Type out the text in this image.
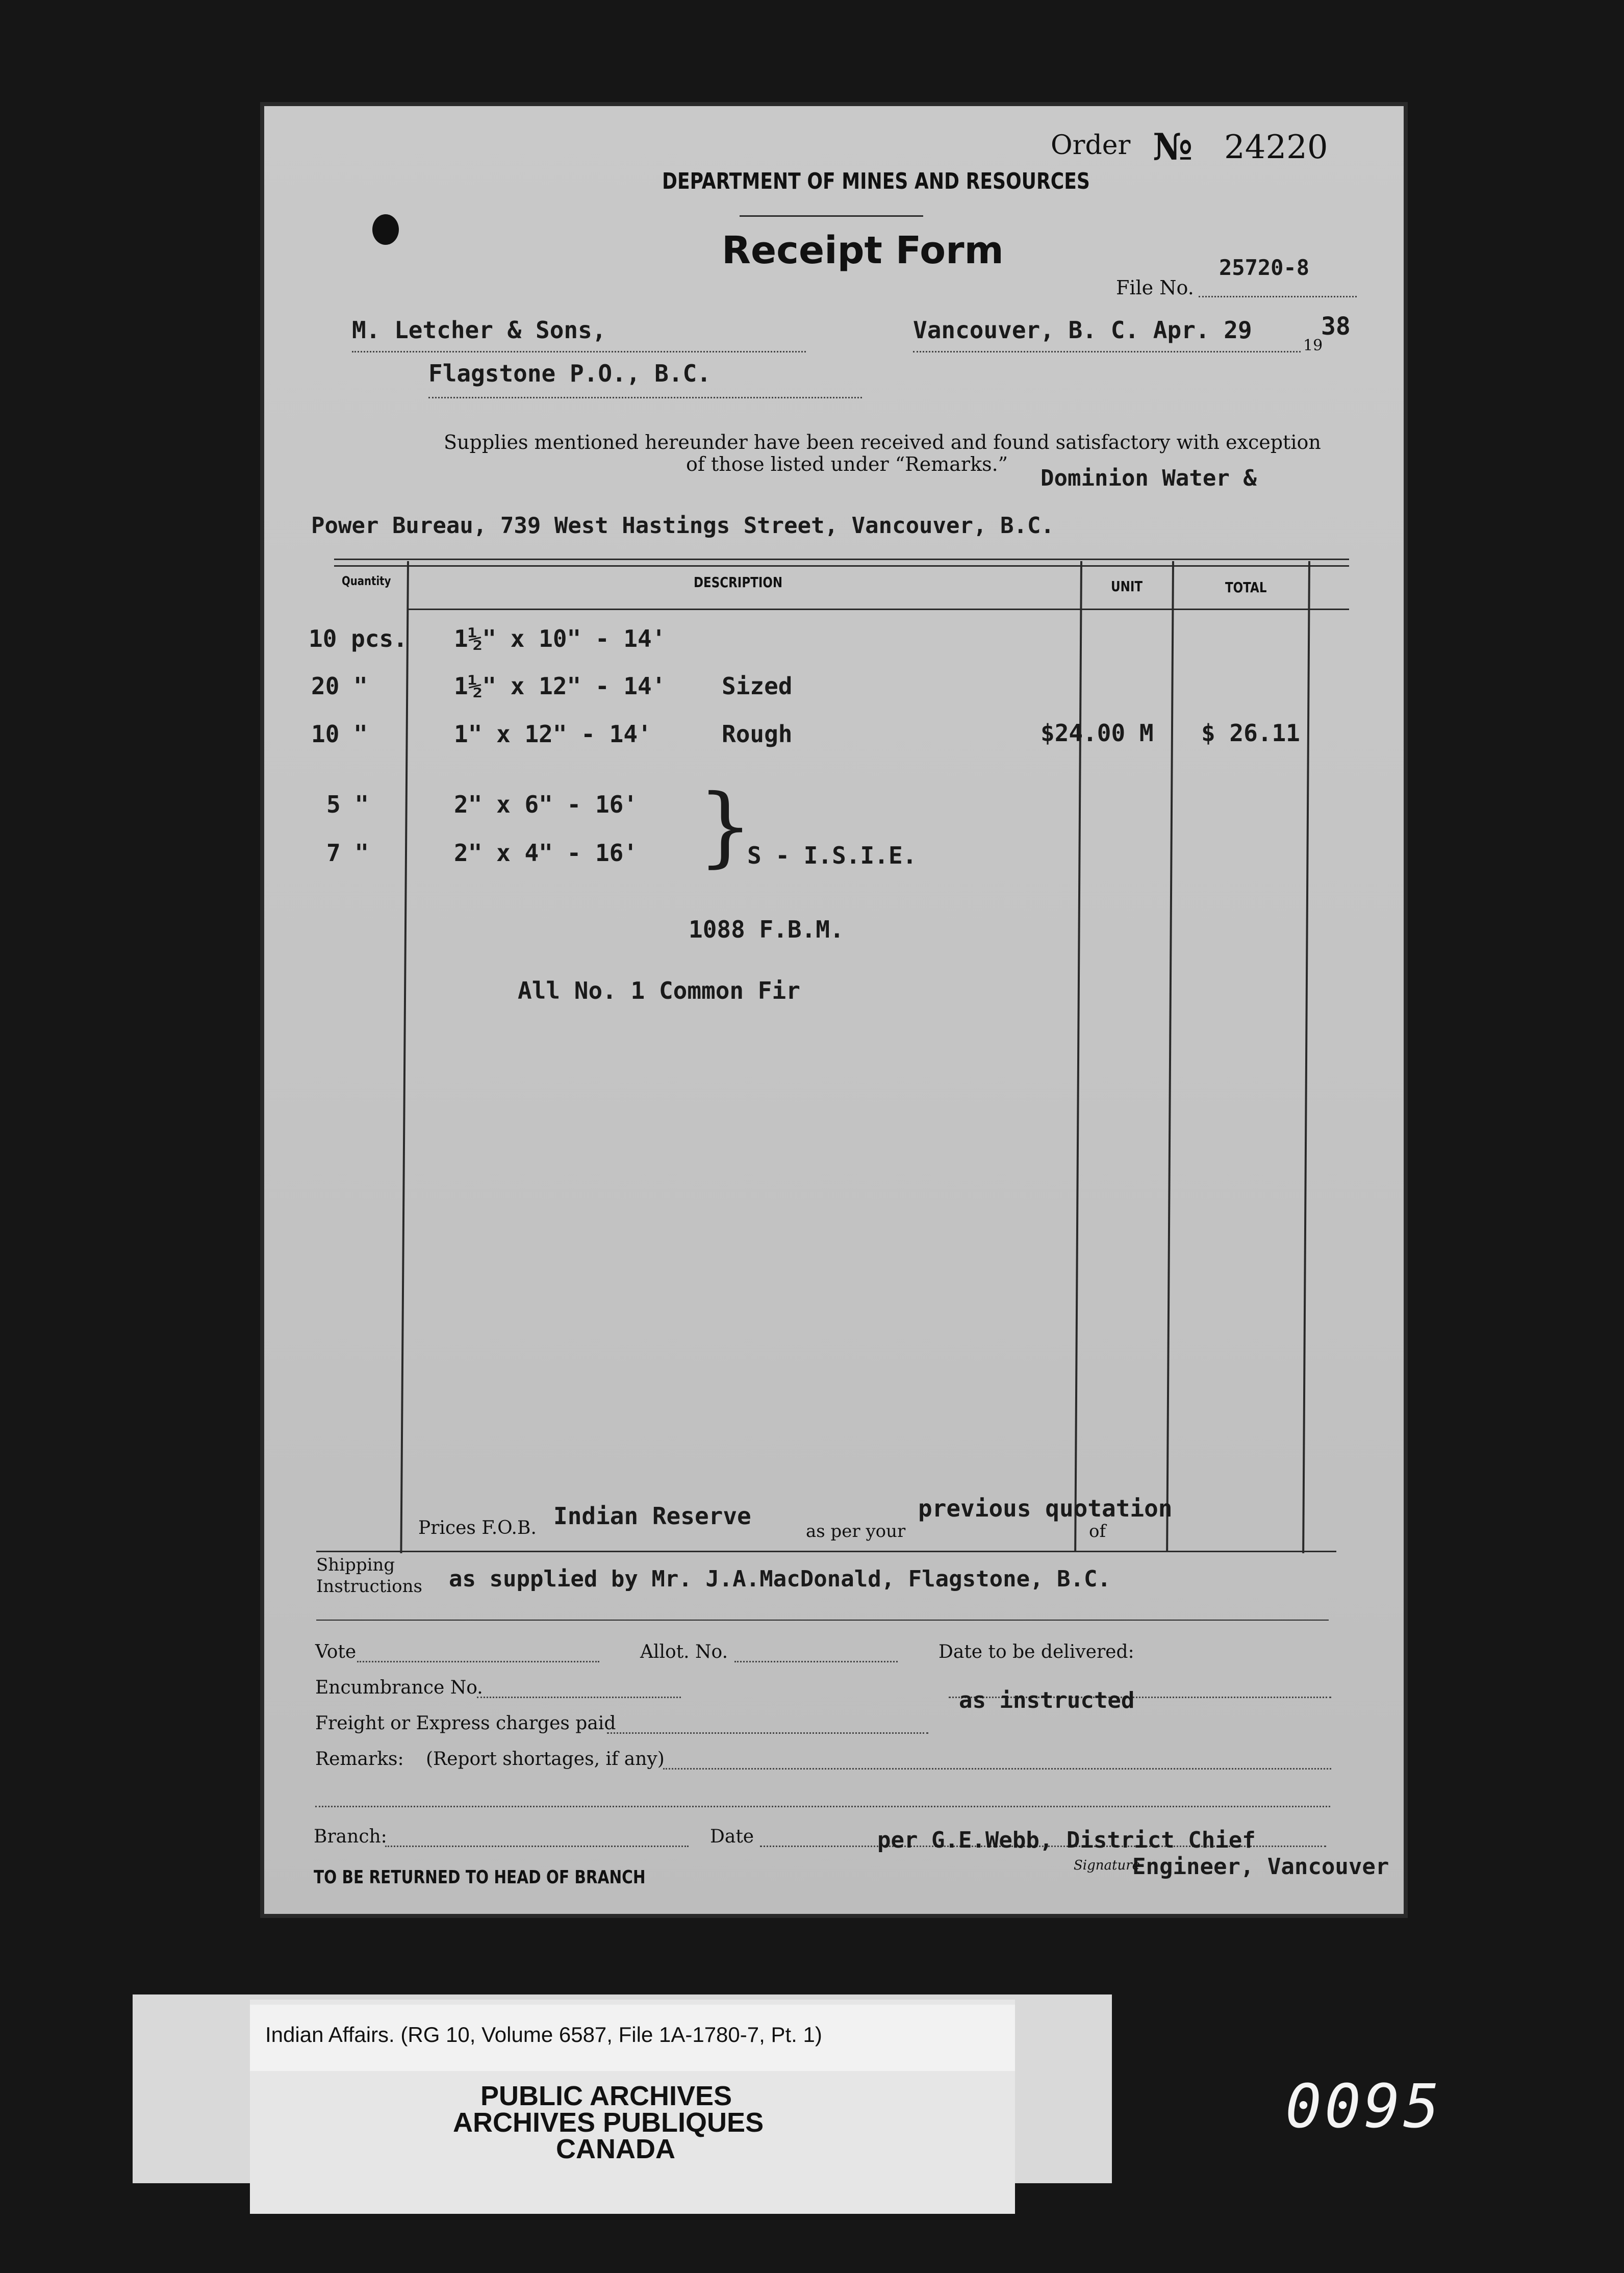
Order № 24220
DEPARTMENT OF MINES AND RESOURCES
Receipt Form
File No.
25720-8
M. Letcher & Sons,
Flagstone P.O., B.C.
Vancouver, B. C. Apr. 29
19
38
Supplies mentioned hereunder have been received and found satisfactory with exception
of those listed under “Remarks.”
Dominion Water &
Power Bureau, 739 West Hastings Street, Vancouver, B.C.
Quantity	DESCRIPTION	UNIT	TOTAL
10 pcs. 1½" x 10" - 14'
20 "	1½" x 12" - 14' Sized
10 "	1" x 12" - 14'	Rough	$24.00 M $ 26.11
5 "	2" x 6" - 16'
7 "	2" x 4" - 16' }
S - I.S.I.E.
1088 F.B.M.
All No. 1 Common Fir
Prices F.O.B. Indian Reserve
as per your
previous quotation
of
Shipping
Instructions as supplied by Mr. J.A.MacDonald, Flagstone, B.C.
Vote	Allot. No.	Date to be delivered:
Encumbrance No.	as instructed
Freight or Express charges paid
Remarks: (Report shortages, if any)
Branch:	Date	per G.E.Webb, District Chief
Engineer, Vancouver
Signature
TO BE RETURNED TO HEAD OF BRANCH
Indian Affairs. (RG 10, Volume 6587, File 1A-1780-7, Pt. 1)
PUBLIC ARCHIVES
ARCHIVES PUBLIQUES
CANADA
0095
